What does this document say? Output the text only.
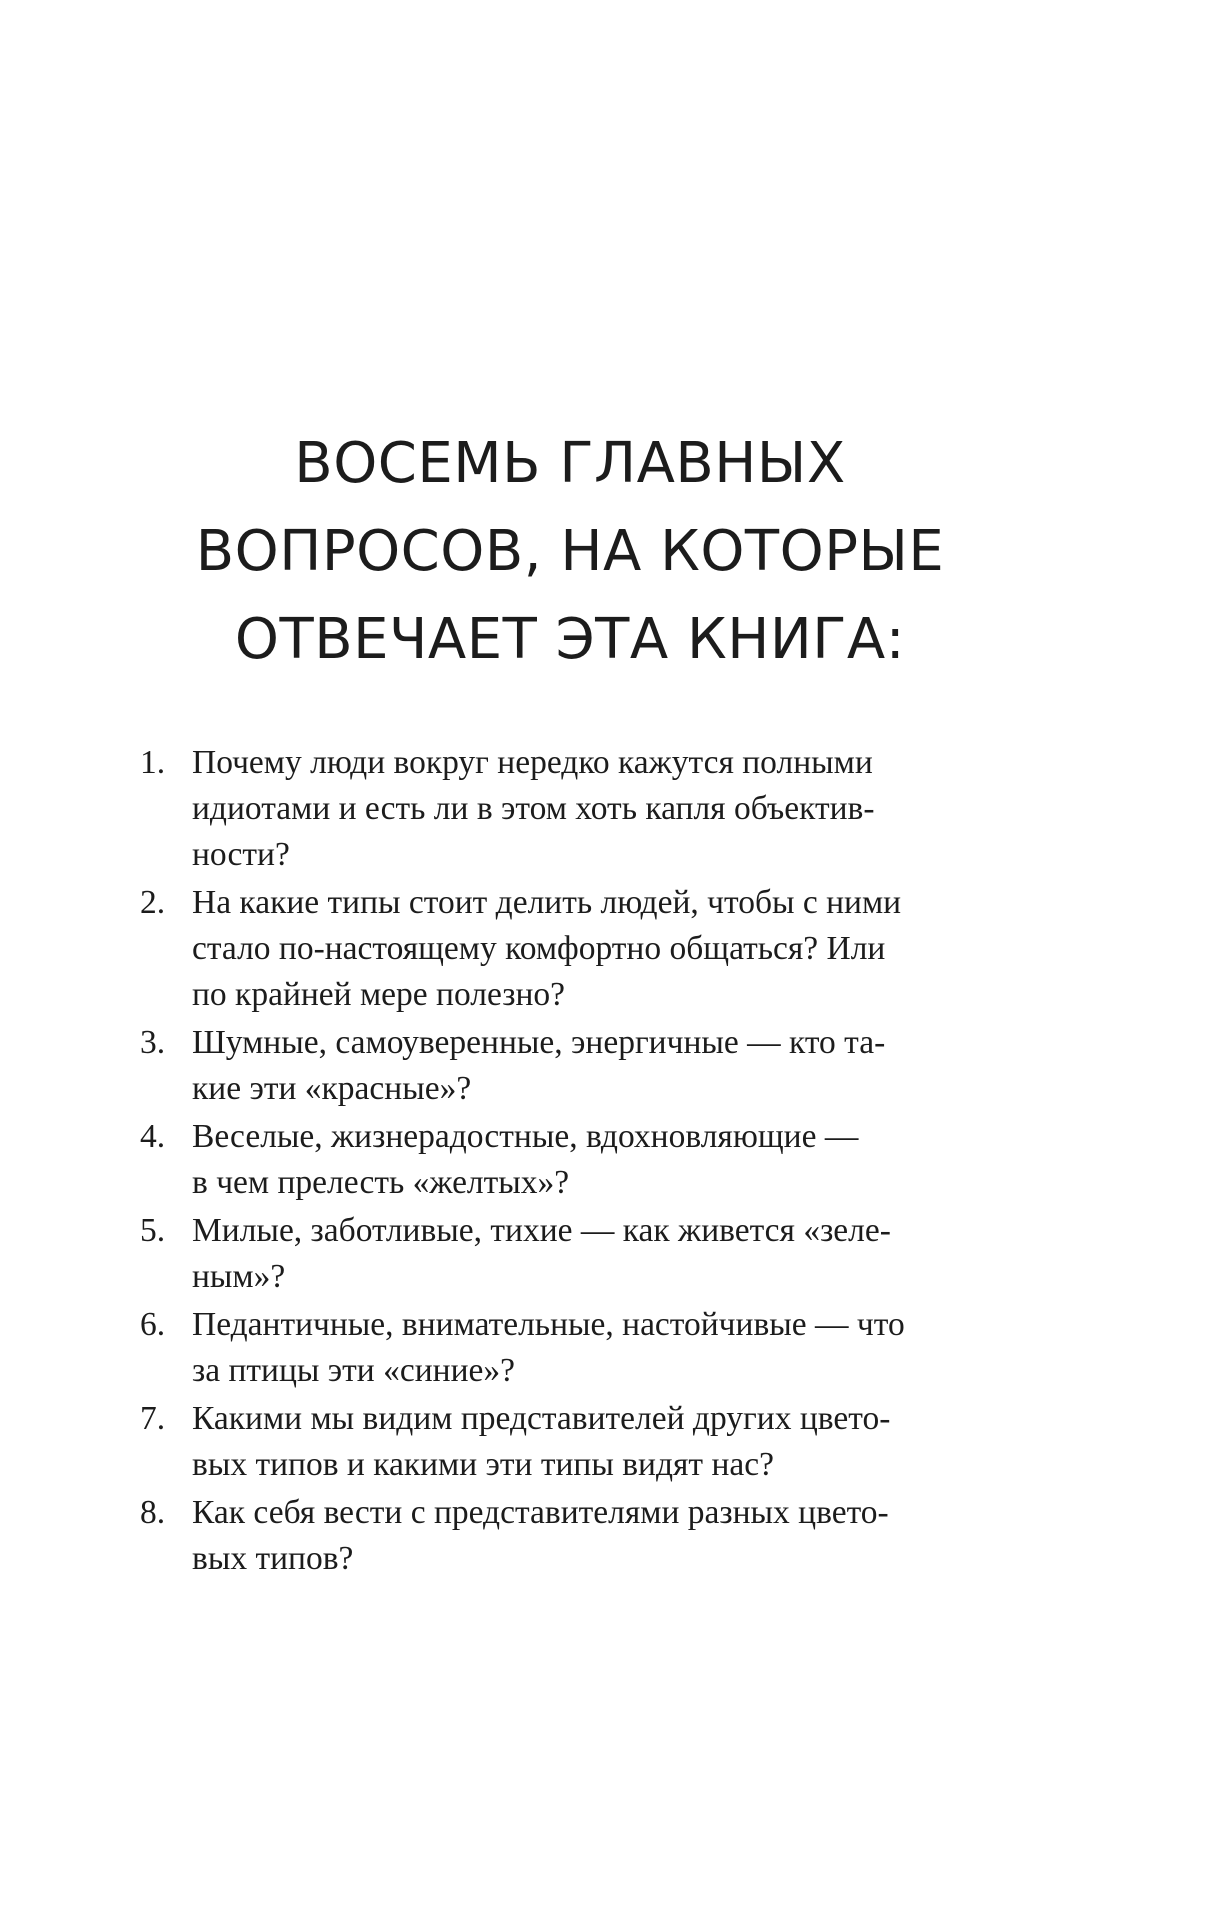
ВОСЕМЬ ГЛАВНЫХ
ВОПРОСОВ, НА КОТОРЫЕ
ОТВЕЧАЕТ ЭТА КНИГА:
1. Почему люди вокруг нередко кажутся полными
идиотами и есть ли в этом хоть капля объектив-
ности?
2. На какие типы стоит делить людей, чтобы с ними
стало по-настоящему комфортно общаться? Или
по крайней мере полезно?
3. Шумные, самоуверенные, энергичные — кто та-
кие эти «красные»?
4. Веселые, жизнерадостные, вдохновляющие —
в чем прелесть «желтых»?
5. Милые, заботливые, тихие — как живется «зеле-
ным»?
6. Педантичные, внимательные, настойчивые — что
за птицы эти «синие»?
7. Какими мы видим представителей других цвето-
вых типов и какими эти типы видят нас?
8. Как себя вести с представителями разных цвето-
вых типов?
